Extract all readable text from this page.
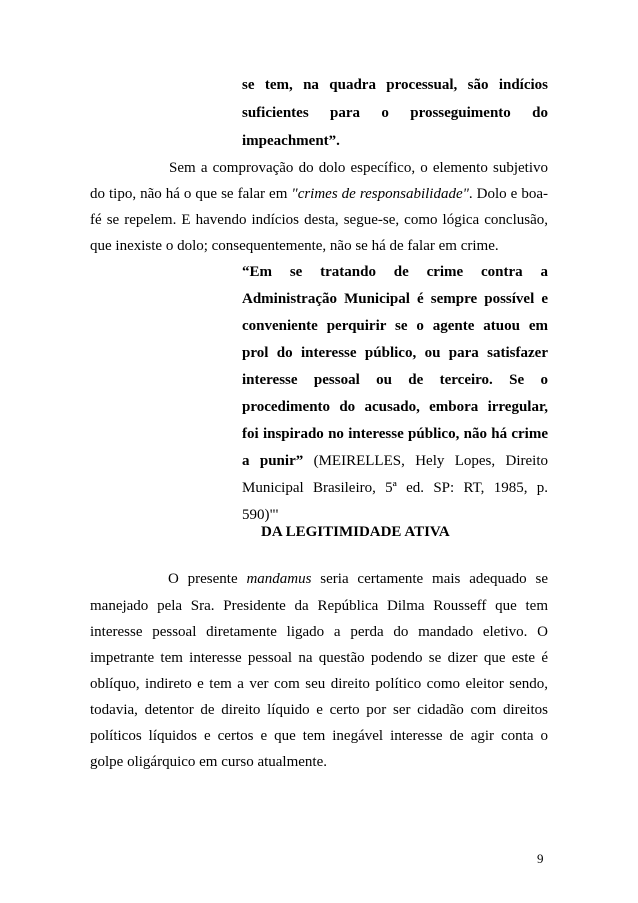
se tem, na quadra processual, são indícios
suficientes para o prosseguimento do
impeachment”.
Sem a comprovação do dolo específico, o elemento subjetivo
do tipo, não há o que se falar em "crimes de responsabilidade". Dolo e boa-
fé se repelem. E havendo indícios desta, segue-se, como lógica conclusão,
que inexiste o dolo; consequentemente, não se há de falar em crime.
“Em se tratando de crime contra a
Administração Municipal é sempre possível e
conveniente perquirir se o agente atuou em
prol do interesse público, ou para satisfazer
interesse pessoal ou de terceiro. Se o
procedimento do acusado, embora irregular,
foi inspirado no interesse público, não há crime
a punir” (MEIRELLES, Hely Lopes, Direito
Municipal Brasileiro, 5ª ed. SP: RT, 1985, p.
590)"'
DA LEGITIMIDADE ATIVA
O presente mandamus seria certamente mais adequado se
manejado pela Sra. Presidente da República Dilma Rousseff que tem
interesse pessoal diretamente ligado a perda do mandado eletivo. O
impetrante tem interesse pessoal na questão podendo se dizer que este é
oblíquo, indireto e tem a ver com seu direito político como eleitor sendo,
todavia, detentor de direito líquido e certo por ser cidadão com direitos
políticos líquidos e certos e que tem inegável interesse de agir conta o
golpe oligárquico em curso atualmente.
9
